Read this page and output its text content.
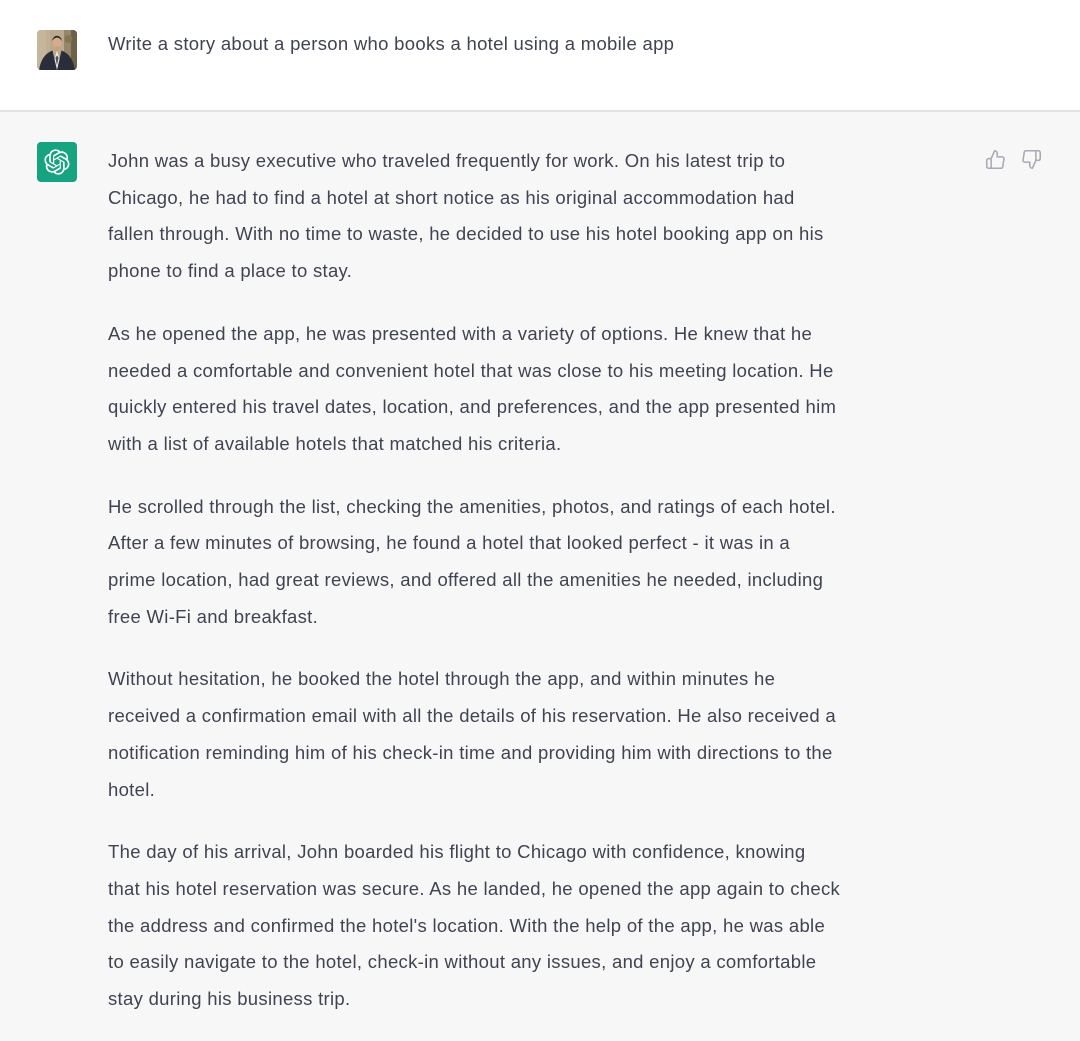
Write a story about a person who books a hotel using a mobile app

John was a busy executive who traveled frequently for work. On his latest trip to
Chicago, he had to find a hotel at short notice as his original accommodation had
fallen through. With no time to waste, he decided to use his hotel booking app on his
phone to find a place to stay.

As he opened the app, he was presented with a variety of options. He knew that he
needed a comfortable and convenient hotel that was close to his meeting location. He
quickly entered his travel dates, location, and preferences, and the app presented him
with a list of available hotels that matched his criteria.

He scrolled through the list, checking the amenities, photos, and ratings of each hotel.
After a few minutes of browsing, he found a hotel that looked perfect - it was in a
prime location, had great reviews, and offered all the amenities he needed, including
free Wi-Fi and breakfast.

Without hesitation, he booked the hotel through the app, and within minutes he
received a confirmation email with all the details of his reservation. He also received a
notification reminding him of his check-in time and providing him with directions to the
hotel.

The day of his arrival, John boarded his flight to Chicago with confidence, knowing
that his hotel reservation was secure. As he landed, he opened the app again to check
the address and confirmed the hotel's location. With the help of the app, he was able
to easily navigate to the hotel, check-in without any issues, and enjoy a comfortable
stay during his business trip.
